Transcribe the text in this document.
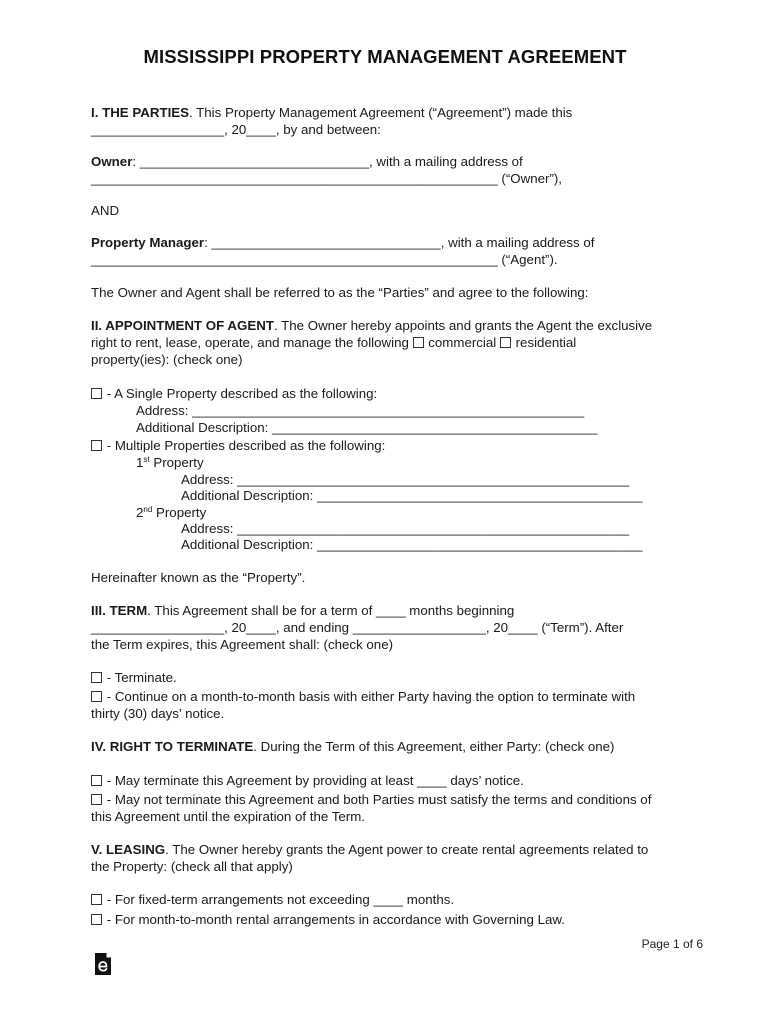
MISSISSIPPI PROPERTY MANAGEMENT AGREEMENT
I. THE PARTIES. This Property Management Agreement (“Agreement”) made this
__________________, 20____, by and between:
Owner: _______________________________, with a mailing address of
_______________________________________________________ (“Owner”),
AND
Property Manager: _______________________________, with a mailing address of
_______________________________________________________ (“Agent”).
The Owner and Agent shall be referred to as the “Parties” and agree to the following:
II. APPOINTMENT OF AGENT. The Owner hereby appoints and grants the Agent the exclusive
right to rent, lease, operate, and manage the following  commercial  residential
property(ies): (check one)
- A Single Property described as the following:
Address: _____________________________________________________
Additional Description: ____________________________________________
- Multiple Properties described as the following:
1st Property
Address: _____________________________________________________
Additional Description: ____________________________________________
2nd Property
Address: _____________________________________________________
Additional Description: ____________________________________________
Hereinafter known as the “Property”.
III. TERM. This Agreement shall be for a term of ____ months beginning
__________________, 20____, and ending __________________, 20____ (“Term”). After
the Term expires, this Agreement shall: (check one)
- Terminate.
- Continue on a month-to-month basis with either Party having the option to terminate with
thirty (30) days’ notice.
IV. RIGHT TO TERMINATE. During the Term of this Agreement, either Party: (check one)
- May terminate this Agreement by providing at least ____ days’ notice.
- May not terminate this Agreement and both Parties must satisfy the terms and conditions of
this Agreement until the expiration of the Term.
V. LEASING. The Owner hereby grants the Agent power to create rental agreements related to
the Property: (check all that apply)
- For fixed-term arrangements not exceeding ____ months.
- For month-to-month rental arrangements in accordance with Governing Law.
Page 1 of 6
